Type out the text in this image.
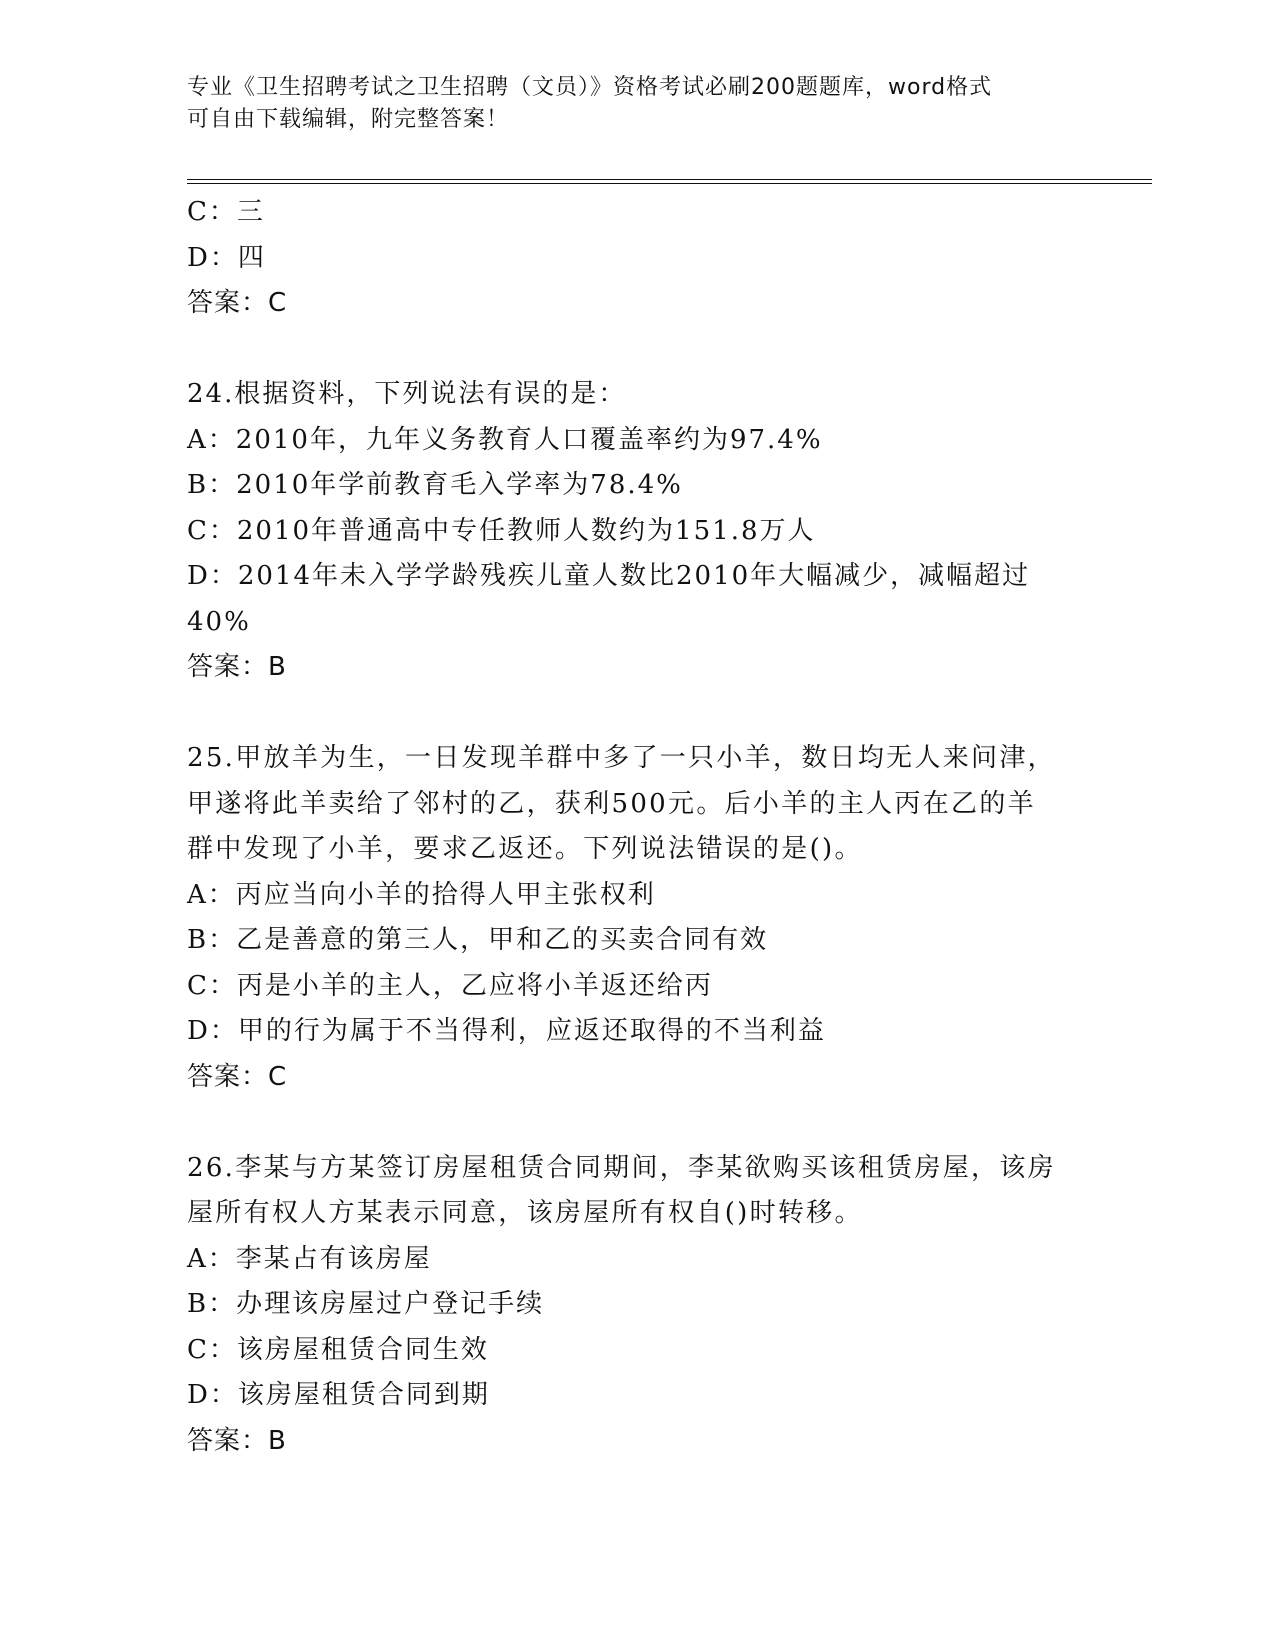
专业《卫生招聘考试之卫生招聘（文员）》资格考试必刷200题题库，word格式
可自由下载编辑，附完整答案！
C：三
D：四
答案：C
24.根据资料，下列说法有误的是：
A：2010年，九年义务教育人口覆盖率约为97.4%
B：2010年学前教育毛入学率为78.4%
C：2010年普通高中专任教师人数约为151.8万人
D：2014年未入学学龄残疾儿童人数比2010年大幅减少，减幅超过
40%
答案：B
25.甲放羊为生，一日发现羊群中多了一只小羊，数日均无人来问津，
甲遂将此羊卖给了邻村的乙，获利500元。后小羊的主人丙在乙的羊
群中发现了小羊，要求乙返还。下列说法错误的是()。
A：丙应当向小羊的拾得人甲主张权利
B：乙是善意的第三人，甲和乙的买卖合同有效
C：丙是小羊的主人，乙应将小羊返还给丙
D：甲的行为属于不当得利，应返还取得的不当利益
答案：C
26.李某与方某签订房屋租赁合同期间，李某欲购买该租赁房屋，该房
屋所有权人方某表示同意，该房屋所有权自()时转移。
A：李某占有该房屋
B：办理该房屋过户登记手续
C：该房屋租赁合同生效
D：该房屋租赁合同到期
答案：B
